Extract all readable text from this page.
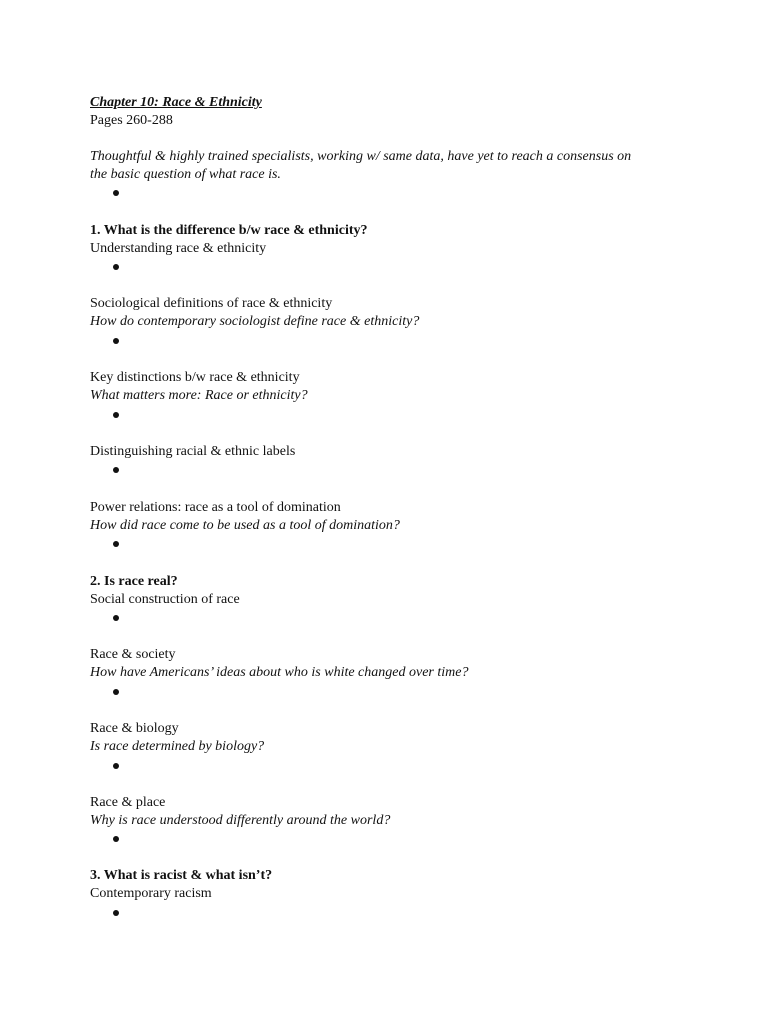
Chapter 10: Race & Ethnicity
Pages 260-288
Thoughtful & highly trained specialists, working w/ same data, have yet to reach a consensus on
the basic question of what race is.
1. What is the difference b/w race & ethnicity?
Understanding race & ethnicity
Sociological definitions of race & ethnicity
How do contemporary sociologist define race & ethnicity?
Key distinctions b/w race & ethnicity
What matters more: Race or ethnicity?
Distinguishing racial & ethnic labels
Power relations: race as a tool of domination
How did race come to be used as a tool of domination?
2. Is race real?
Social construction of race
Race & society
How have Americans’ ideas about who is white changed over time?
Race & biology
Is race determined by biology?
Race & place
Why is race understood differently around the world?
3. What is racist & what isn’t?
Contemporary racism
